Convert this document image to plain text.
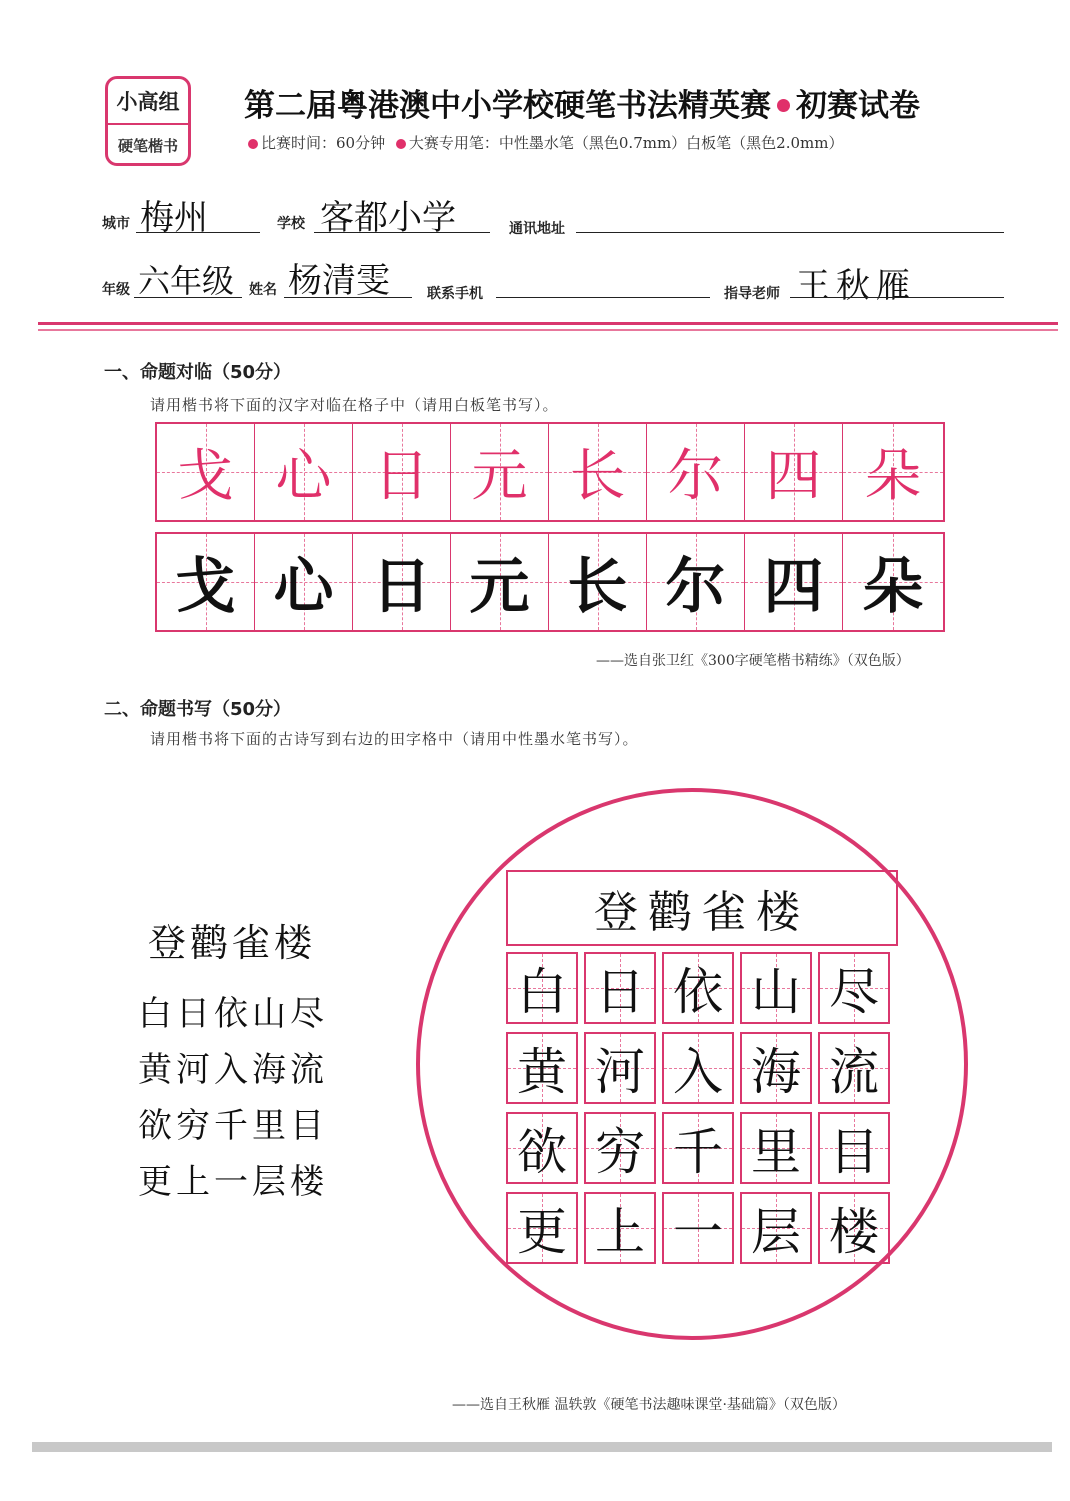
小高组
硬笔楷书
第二届粤港澳中小学校硬笔书法精英赛 初赛试卷
比赛时间：60分钟 大赛专用笔：中性墨水笔（黑色0.7mm）白板笔（黑色2.0mm）
城市 梅州	学校 客都小学	通讯地址
年级 六年级 姓名 杨清雯	联系手机	指导老师 王秋雁
一、命题对临（50分）
请用楷书将下面的汉字对临在格子中（请用白板笔书写）。
戈 心 日 元 长 尔 四 朵
戈 心 日 元 长 尔 四 朵
——选自张卫红《300字硬笔楷书精练》（双色版）
二、命题书写（50分）
请用楷书将下面的古诗写到右边的田字格中（请用中性墨水笔书写）。
登鹳雀楼
白日依山尽
黄河入海流
欲穷千里目
更上一层楼
登鹳雀楼
白 日 依 山 尽
黄 河 入 海 流
欲 穷 千 里 目
更 上 一 层 楼
——选自王秋雁 温轶敦《硬笔书法趣味课堂·基础篇》（双色版）
